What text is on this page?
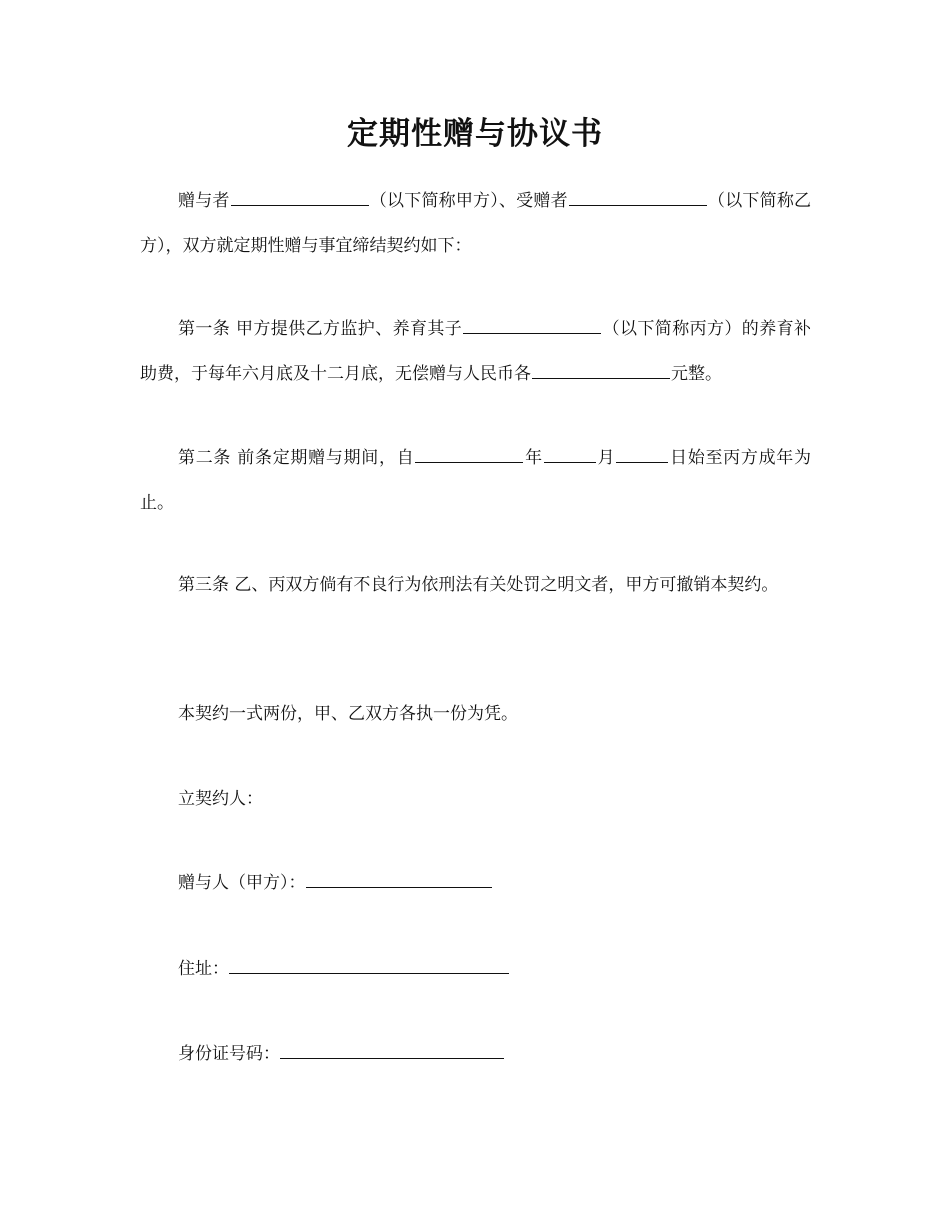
定期性赠与协议书
赠与者	（以下简称甲方）、受赠者	（以下简称乙方），双方就定期性赠与事宜缔结契约如下：
第一条 甲方提供乙方监护、养育其子	（以下简称丙方）的养育补助费，于每年六月底及十二月底，无偿赠与人民币各	元整。
第二条 前条定期赠与期间，自	年	月	日始至丙方成年为止。
第三条 乙、丙双方倘有不良行为依刑法有关处罚之明文者，甲方可撤销本契约。
本契约一式两份，甲、乙双方各执一份为凭。
立契约人：
赠与人（甲方）：
住址：
身份证号码：
